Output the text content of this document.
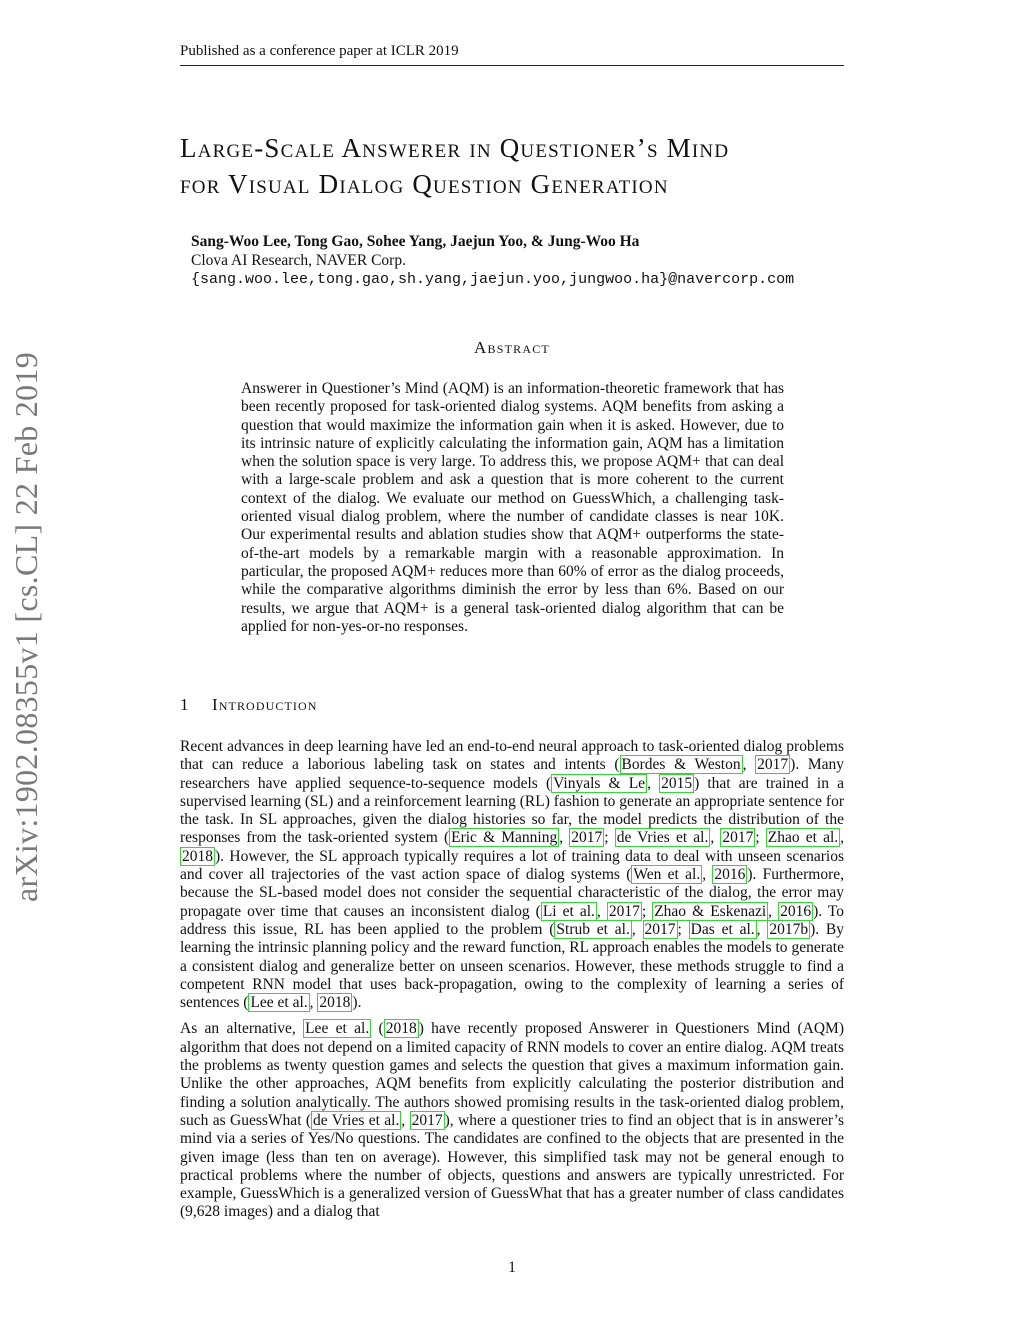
Published as a conference paper at ICLR 2019
arXiv:1902.08355v1 [cs.CL] 22 Feb 2019
Large-Scale Answerer in Questioner’s Mind
for Visual Dialog Question Generation
Sang-Woo Lee, Tong Gao, Sohee Yang, Jaejun Yoo, & Jung-Woo Ha
Clova AI Research, NAVER Corp.
{sang.woo.lee,tong.gao,sh.yang,jaejun.yoo,jungwoo.ha}@navercorp.com
Abstract
Answerer in Questioner’s Mind (AQM) is an information-theoretic framework that has been recently proposed for task-oriented dialog systems. AQM benefits from asking a question that would maximize the information gain when it is asked. However, due to its intrinsic nature of explicitly calculating the information gain, AQM has a limitation when the solution space is very large. To address this, we propose AQM+ that can deal with a large-scale problem and ask a question that is more coherent to the current context of the dialog. We evaluate our method on GuessWhich, a challenging task-oriented visual dialog problem, where the number of candidate classes is near 10K. Our experimental results and ablation studies show that AQM+ outperforms the state-of-the-art models by a remarkable margin with a reasonable approximation. In particular, the proposed AQM+ reduces more than 60% of error as the dialog proceeds, while the comparative algorithms diminish the error by less than 6%. Based on our results, we argue that AQM+ is a general task-oriented dialog algorithm that can be applied for non-yes-or-no responses.
1 Introduction

Recent advances in deep learning have led an end-to-end neural approach to task-oriented dialog problems that can reduce a laborious labeling task on states and intents ( Bordes & Weston , 2017 ). Many researchers have applied sequence-to-sequence models ( Vinyals & Le , 2015 ) that are trained in a supervised learning (SL) and a reinforcement learning (RL) fashion to generate an appropriate sentence for the task. In SL approaches, given the dialog histories so far, the model predicts the distribution of the responses from the task-oriented system ( Eric & Manning , 2017 ; de Vries et al. , 2017 ; Zhao et al. , 2018 ). However, the SL approach typically requires a lot of training data to deal with unseen scenarios and cover all trajectories of the vast action space of dialog systems ( Wen et al. , 2016 ). Furthermore, because the SL-based model does not consider the sequential characteristic of the dialog, the error may propagate over time that causes an inconsistent dialog ( Li et al. , 2017 ; Zhao & Eskenazi , 2016 ). To address this issue, RL has been applied to the problem ( Strub et al. , 2017 ; Das et al. , 2017b ). By learning the intrinsic planning policy and the reward function, RL approach enables the models to generate a consistent dialog and generalize better on unseen scenarios. However, these methods struggle to find a competent RNN model that uses back-propagation, owing to the complexity of learning a series of sentences ( Lee et al. , 2018 ).

As an alternative, Lee et al. ( 2018 ) have recently proposed Answerer in Questioners Mind (AQM) algorithm that does not depend on a limited capacity of RNN models to cover an entire dialog. AQM treats the problems as twenty question games and selects the question that gives a maximum information gain. Unlike the other approaches, AQM benefits from explicitly calculating the posterior distribution and finding a solution analytically. The authors showed promising results in the task-oriented dialog problem, such as GuessWhat ( de Vries et al. , 2017 ), where a questioner tries to find an object that is in answerer’s mind via a series of Yes/No questions. The candidates are confined to the objects that are presented in the given image (less than ten on average). However, this simplified task may not be general enough to practical problems where the number of objects, questions and answers are typically unrestricted. For example, GuessWhich is a generalized version of GuessWhat that has a greater number of class candidates (9,628 images) and a dialog that

1
